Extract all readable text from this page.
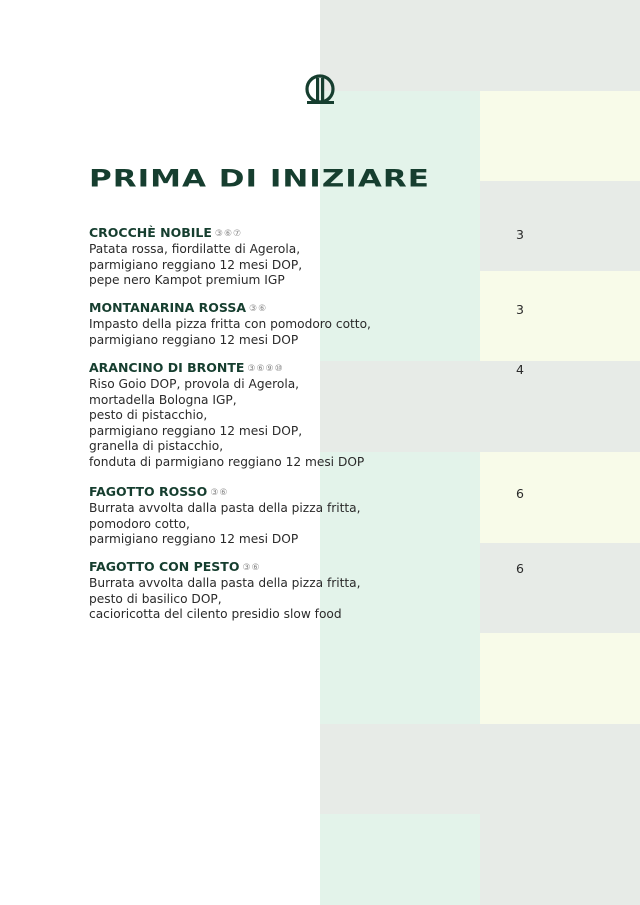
PRIMA DI INIZIARE
CROCCHÈ NOBILE ③⑥⑦
Patata rossa, fiordilatte di Agerola,
parmigiano reggiano 12 mesi DOP,
pepe nero Kampot premium IGP
3
MONTANARINA ROSSA ③⑥
Impasto della pizza fritta con pomodoro cotto,
parmigiano reggiano 12 mesi DOP
3
ARANCINO DI BRONTE ③⑥⑨⑩
Riso Goio DOP, provola di Agerola,
mortadella Bologna IGP,
pesto di pistacchio,
parmigiano reggiano 12 mesi DOP,
granella di pistacchio,
fonduta di parmigiano reggiano 12 mesi DOP
4
FAGOTTO ROSSO ③⑥
Burrata avvolta dalla pasta della pizza fritta,
pomodoro cotto,
parmigiano reggiano 12 mesi DOP
6
FAGOTTO CON PESTO ③⑥
Burrata avvolta dalla pasta della pizza fritta,
pesto di basilico DOP,
cacioricotta del cilento presidio slow food
6
